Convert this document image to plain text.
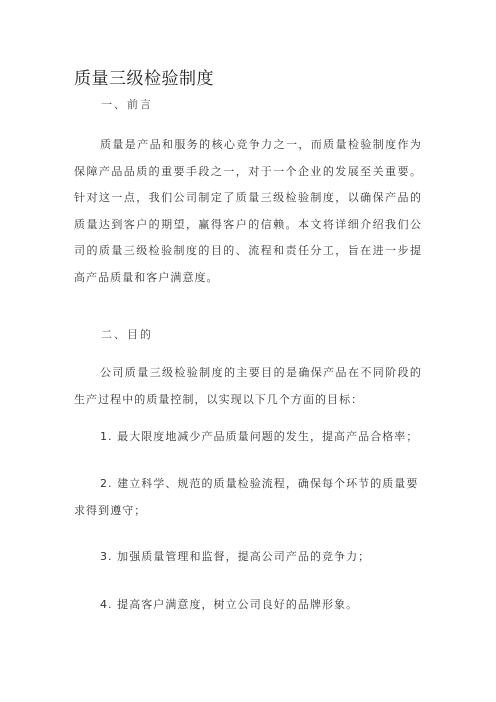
质量三级检验制度
一、前言

质量是产品和服务的核心竞争力之一，而质量检验制度作为保障产品品质的重要手段之一，对于一个企业的发展至关重要。针对这一点，我们公司制定了质量三级检验制度，以确保产品的质量达到客户的期望，赢得客户的信赖。本文将详细介绍我们公司的质量三级检验制度的目的、流程和责任分工，旨在进一步提高产品质量和客户满意度。

二、目的

公司质量三级检验制度的主要目的是确保产品在不同阶段的生产过程中的质量控制，以实现以下几个方面的目标：

1. 最大限度地减少产品质量问题的发生，提高产品合格率；

2. 建立科学、规范的质量检验流程，确保每个环节的质量要求得到遵守；

3. 加强质量管理和监督，提高公司产品的竞争力；

4. 提高客户满意度，树立公司良好的品牌形象。
